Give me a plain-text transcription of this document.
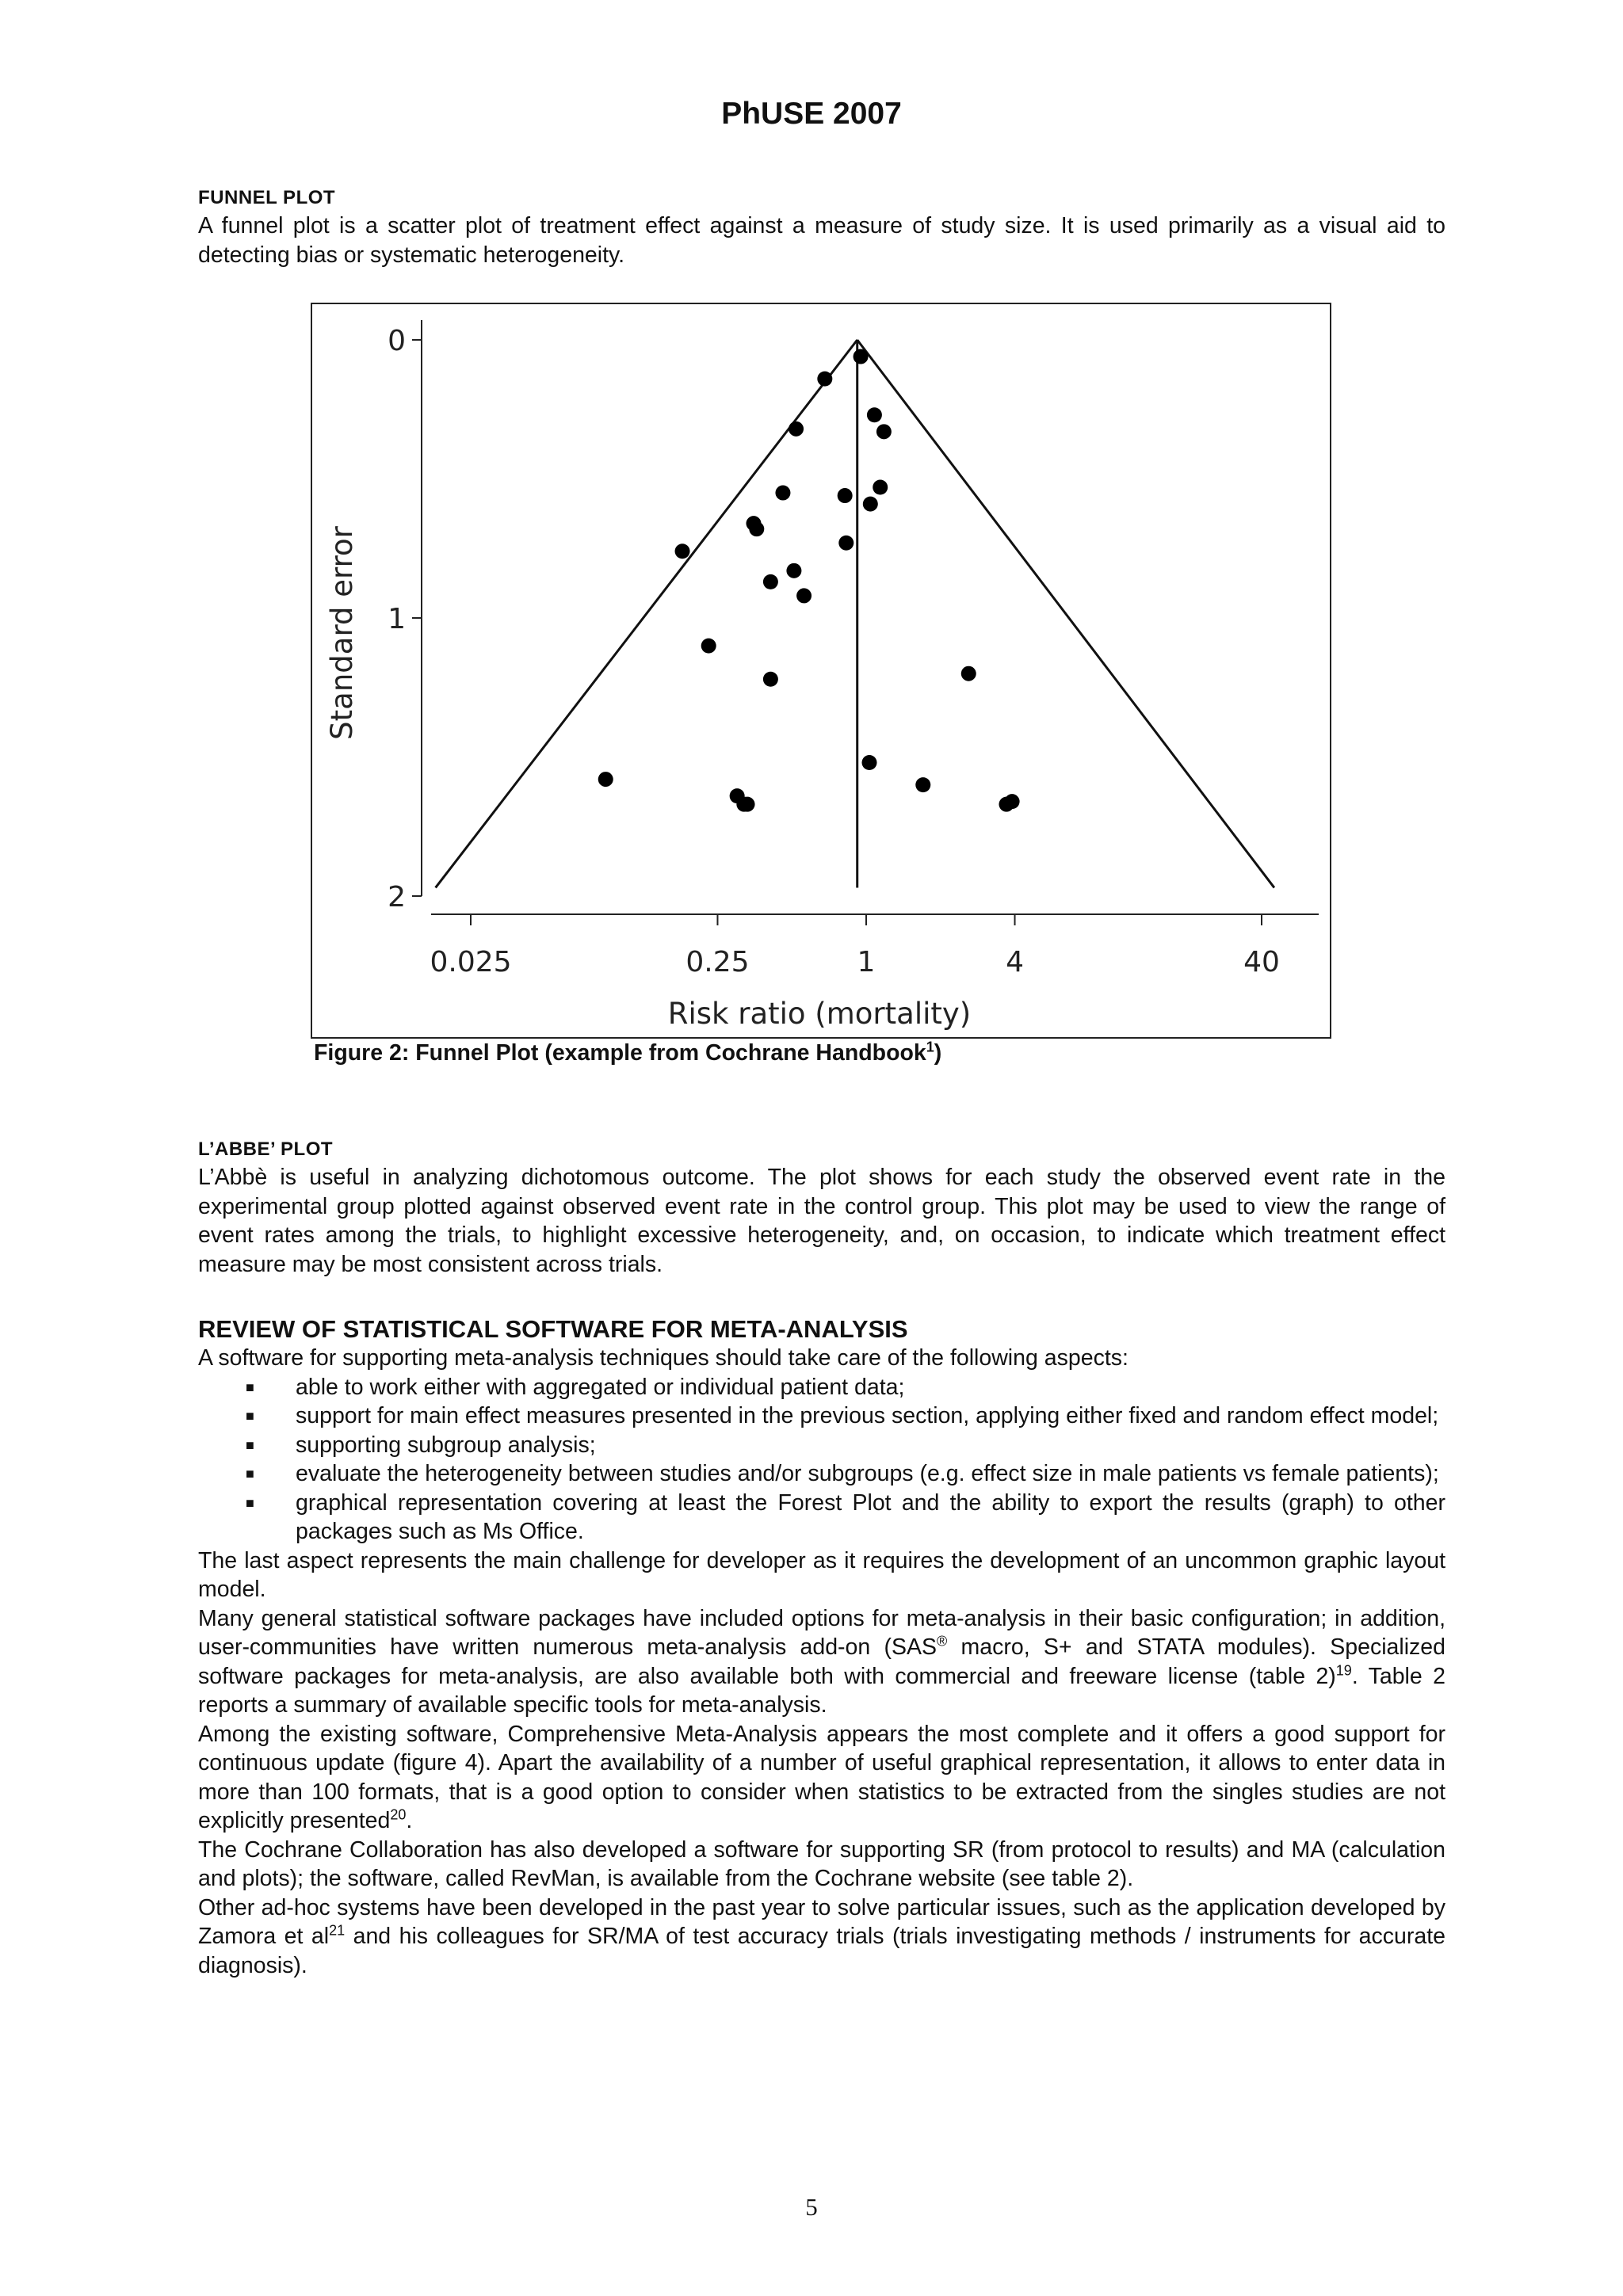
PhUSE 2007
FUNNEL PLOT

A funnel plot is a scatter plot of treatment effect against a measure of study size. It is used primarily as a visual aid to detecting bias or systematic heterogeneity.

0
1
2
0.025	0.25	1	4	40
Risk ratio (mortality)
Standard error
Figure 2: Funnel Plot (example from Cochrane Handbook$^1$)
L’ABBE’ PLOT

L’Abbè is useful in analyzing dichotomous outcome. The plot shows for each study the observed event rate in the experimental group plotted against observed event rate in the control group. This plot may be used to view the range of event rates among the trials, to highlight excessive heterogeneity, and, on occasion, to indicate which treatment effect measure may be most consistent across trials.

REVIEW OF STATISTICAL SOFTWARE FOR META-ANALYSIS

A software for supporting meta-analysis techniques should take care of the following aspects:

■ able to work either with aggregated or individual patient data;
■ support for main effect measures presented in the previous section, applying either fixed and random effect model;
■ supporting subgroup analysis;
■ evaluate the heterogeneity between studies and/or subgroups (e.g. effect size in male patients vs female patients);
■ graphical representation covering at least the Forest Plot and the ability to export the results (graph) to other packages such as Ms Office.

The last aspect represents the main challenge for developer as it requires the development of an uncommon graphic layout model.

Many general statistical software packages have included options for meta-analysis in their basic configuration; in addition, user-communities have written numerous meta-analysis add-on (SAS® macro, S+ and STATA modules). Specialized software packages for meta-analysis, are also available both with commercial and freeware license (table 2)$^{19}$. Table 2 reports a summary of available specific tools for meta-analysis.

Among the existing software, Comprehensive Meta-Analysis appears the most complete and it offers a good support for continuous update (figure 4). Apart the availability of a number of useful graphical representation, it allows to enter data in more than 100 formats, that is a good option to consider when statistics to be extracted from the singles studies are not explicitly presented$^{20}$.

The Cochrane Collaboration has also developed a software for supporting SR (from protocol to results) and MA (calculation and plots); the software, called RevMan, is available from the Cochrane website (see table 2).

Other ad-hoc systems have been developed in the past year to solve particular issues, such as the application developed by Zamora et $al^{21}$ and his colleagues for SR/MA of test accuracy trials (trials investigating methods / instruments for accurate diagnosis).

5
